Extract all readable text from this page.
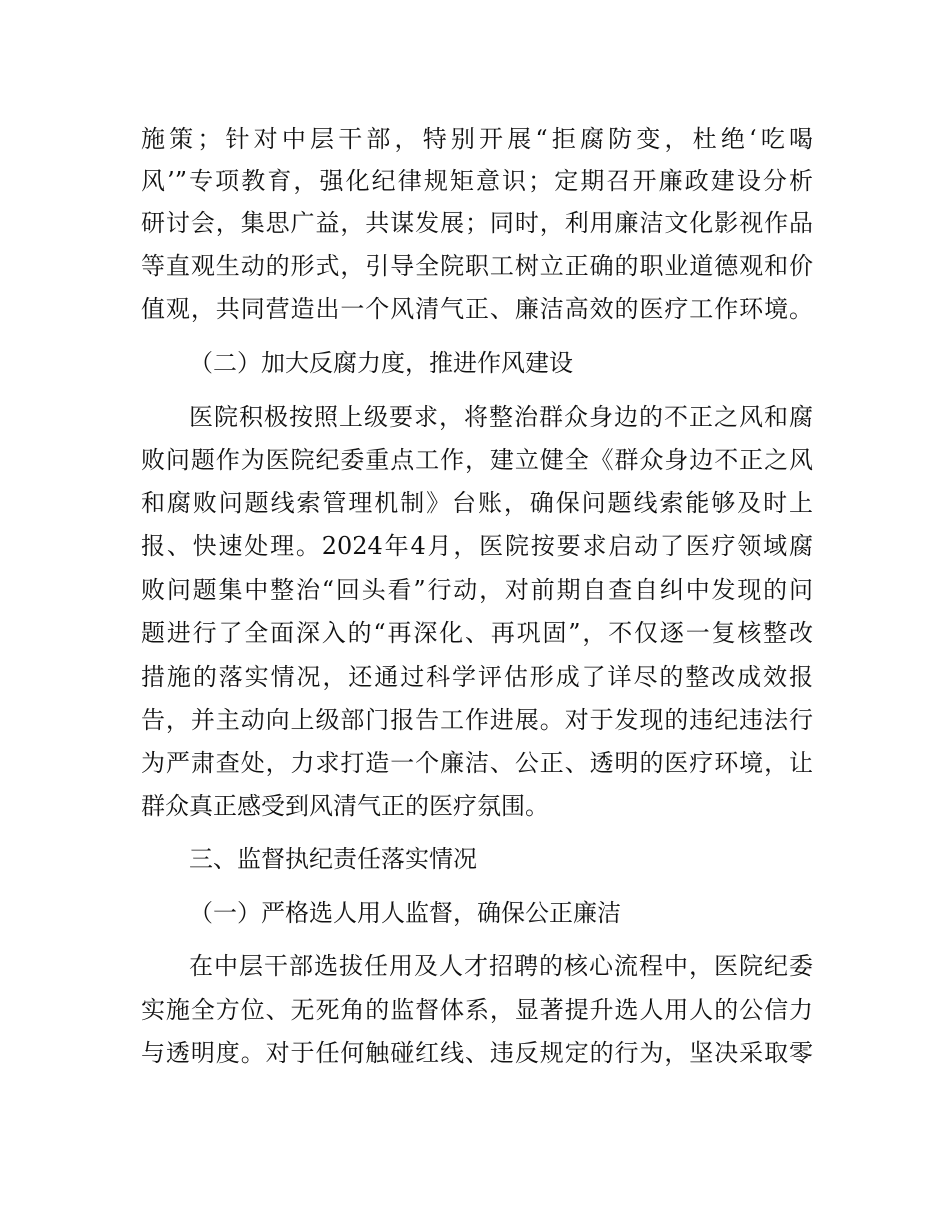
施策；针对中层干部，特别开展“拒腐防变，杜绝‘吃喝
风’”专项教育，强化纪律规矩意识；定期召开廉政建设分析
研讨会，集思广益，共谋发展；同时，利用廉洁文化影视作品
等直观生动的形式，引导全院职工树立正确的职业道德观和价
值观，共同营造出一个风清气正、廉洁高效的医疗工作环境。
（二）加大反腐力度，推进作风建设
医院积极按照上级要求，将整治群众身边的不正之风和腐
败问题作为医院纪委重点工作，建立健全《群众身边不正之风
和腐败问题线索管理机制》台账，确保问题线索能够及时上
报、快速处理。2024年4月，医院按要求启动了医疗领域腐
败问题集中整治“回头看”行动，对前期自查自纠中发现的问
题进行了全面深入的“再深化、再巩固”，不仅逐一复核整改
措施的落实情况，还通过科学评估形成了详尽的整改成效报
告，并主动向上级部门报告工作进展。对于发现的违纪违法行
为严肃查处，力求打造一个廉洁、公正、透明的医疗环境，让
群众真正感受到风清气正的医疗氛围。
三、监督执纪责任落实情况
（一）严格选人用人监督，确保公正廉洁
在中层干部选拔任用及人才招聘的核心流程中，医院纪委
实施全方位、无死角的监督体系，显著提升选人用人的公信力
与透明度。对于任何触碰红线、违反规定的行为，坚决采取零
